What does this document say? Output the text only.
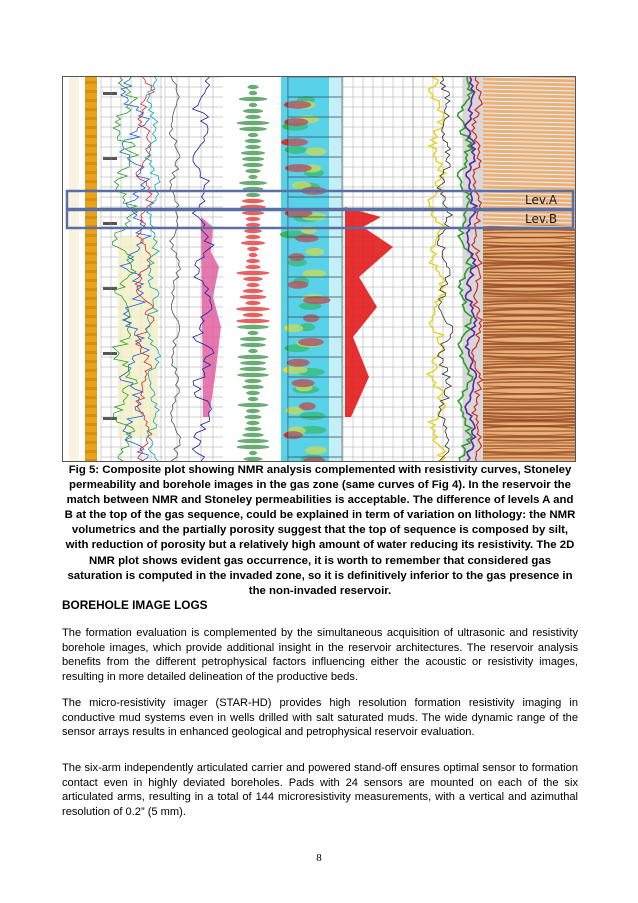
Lev.A
Lev.B
Fig 5: Composite plot showing NMR analysis complemented with resistivity curves, Stoneley permeability and borehole images in the gas zone (same curves of Fig 4). In the reservoir the match between NMR and Stoneley permeabilities is acceptable. The difference of levels A and B at the top of the gas sequence, could be explained in term of variation on lithology: the NMR volumetrics and the partially porosity suggest that the top of sequence is composed by silt, with reduction of porosity but a relatively high amount of water reducing its resistivity. The 2D NMR plot shows evident gas occurrence, it is worth to remember that considered gas saturation is computed in the invaded zone, so it is definitively inferior to the gas presence in the non-invaded reservoir.
BOREHOLE IMAGE LOGS

The formation evaluation is complemented by the simultaneous acquisition of ultrasonic and resistivity borehole images, which provide additional insight in the reservoir architectures. The reservoir analysis benefits from the different petrophysical factors influencing either the acoustic or resistivity images, resulting in more detailed delineation of the productive beds.

The micro-resistivity imager (STAR-HD) provides high resolution formation resistivity imaging in conductive mud systems even in wells drilled with salt saturated muds. The wide dynamic range of the sensor arrays results in enhanced geological and petrophysical reservoir evaluation.

The six-arm independently articulated carrier and powered stand-off ensures optimal sensor to formation contact even in highly deviated boreholes. Pads with 24 sensors are mounted on each of the six articulated arms, resulting in a total of 144 microresistivity measurements, with a vertical and azimuthal resolution of 0.2” (5 mm).

8
